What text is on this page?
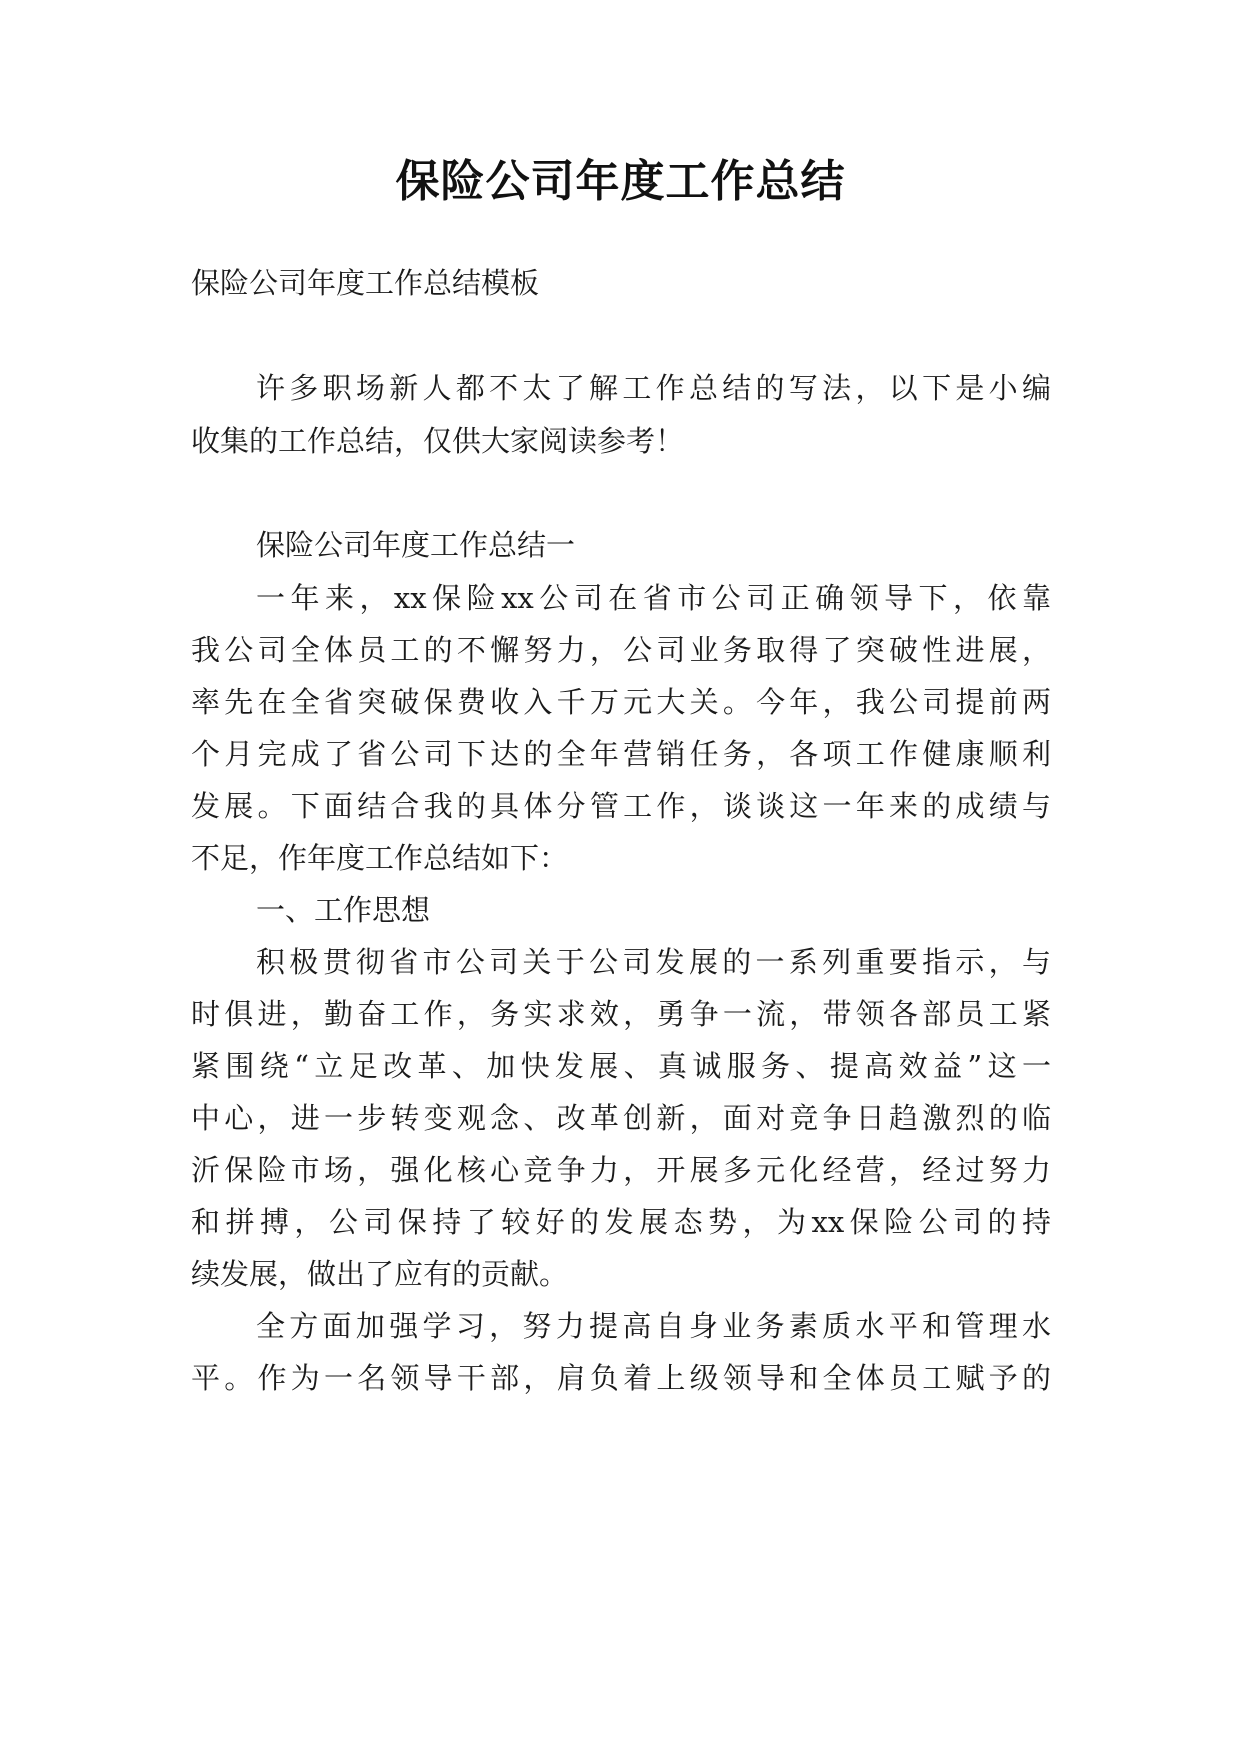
保险公司年度工作总结
保险公司年度工作总结模板
许多职场新人都不太了解工作总结的写法，以下是小编
收集的工作总结，仅供大家阅读参考！
保险公司年度工作总结一
一年来，xx保险xx公司在省市公司正确领导下，依靠
我公司全体员工的不懈努力，公司业务取得了突破性进展，
率先在全省突破保费收入千万元大关。今年，我公司提前两
个月完成了省公司下达的全年营销任务，各项工作健康顺利
发展。下面结合我的具体分管工作，谈谈这一年来的成绩与
不足，作年度工作总结如下：
一、工作思想
积极贯彻省市公司关于公司发展的一系列重要指示，与
时俱进，勤奋工作，务实求效，勇争一流，带领各部员工紧
紧围绕“立足改革、加快发展、真诚服务、提高效益”这一
中心，进一步转变观念、改革创新，面对竞争日趋激烈的临
沂保险市场，强化核心竞争力，开展多元化经营，经过努力
和拼搏，公司保持了较好的发展态势，为xx保险公司的持
续发展，做出了应有的贡献。
全方面加强学习，努力提高自身业务素质水平和管理水
平。作为一名领导干部，肩负着上级领导和全体员工赋予的
